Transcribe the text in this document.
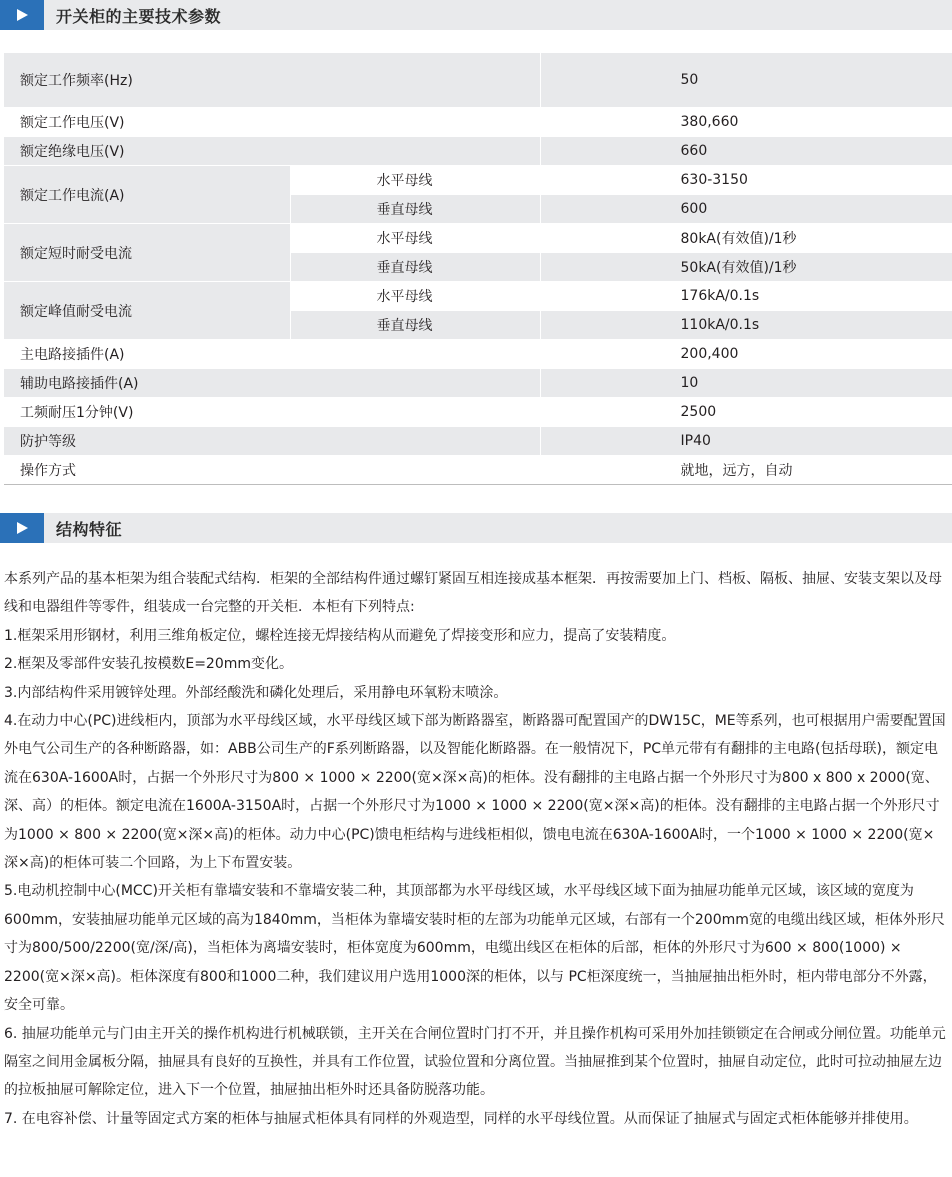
开关柜的主要技术参数
额定工作频率(Hz)		50
额定工作电压(V)		380,660
额定绝缘电压(V)		660
额定工作电流(A)	水平母线	630-3150
	垂直母线	600
额定短时耐受电流	水平母线	80kA(有效值)/1秒
	垂直母线	50kA(有效值)/1秒
额定峰值耐受电流	水平母线	176kA/0.1s
	垂直母线	110kA/0.1s
主电路接插件(A)		200,400
辅助电路接插件(A)		10
工频耐压1分钟(V)		2500
防护等级		IP40
操作方式		就地，远方，自动
结构特征

本系列产品的基本柜架为组合装配式结构．柜架的全部结构件通过螺钉紧固互相连接成基本框架．再按需要加上门、档板、隔板、抽屉、安装支架以及母线和电器组件等零件，组装成一台完整的开关柜．本柜有下列特点:

1.框架采用形钢材，利用三维角板定位，螺栓连接无焊接结构从而避免了焊接变形和应力，提高了安装精度。

2.框架及零部件安装孔按模数E=20mm变化。

3.内部结构件采用镀锌处理。外部经酸洗和磷化处理后，采用静电环氧粉末喷涂。

4.在动力中心(PC)进线柜内，顶部为水平母线区域，水平母线区域下部为断路器室，断路器可配置国产的DW15C，ME等系列，也可根据用户需要配置国外电气公司生产的各种断路器，如：ABB公司生产的F系列断路器，以及智能化断路器。在一般情况下，PC单元带有有翻排的主电路(包括母联)，额定电流在630A-1600A时，占据一个外形尺寸为800 × 1000 × 2200(宽×深×高)的柜体。没有翻排的主电路占据一个外形尺寸为800 x 800 x 2000(宽、深、高）的柜体。额定电流在1600A-3150A时，占据一个外形尺寸为1000 × 1000 × 2200(宽×深×高)的柜体。没有翻排的主电路占据一个外形尺寸为1000 × 800 × 2200(宽×深×高)的柜体。动力中心(PC)馈电柜结构与进线柜相似，馈电电流在630A-1600A时，一个1000 × 1000 × 2200(宽×深×高)的柜体可装二个回路，为上下布置安装。

5.电动机控制中心(MCC)开关柜有靠墙安装和不靠墙安装二种，其顶部都为水平母线区域，水平母线区域下面为抽屉功能单元区域，该区域的宽度为600mm，安装抽屉功能单元区域的高为1840mm，当柜体为靠墙安装时柜的左部为功能单元区域，右部有一个200mm宽的电缆出线区域，柜体外形尺寸为800/500/2200(宽/深/高)，当柜体为离墙安装时，柜体宽度为600mm，电缆出线区在柜体的后部，柜体的外形尺寸为600 × 800(1000) × 2200(宽×深×高)。柜体深度有800和1000二种，我们建议用户选用1000深的柜体，以与 PC柜深度统一，当抽屉抽出柜外时，柜内带电部分不外露，安全可靠。

6. 抽屉功能单元与门由主开关的操作机构进行机械联锁，主开关在合闸位置时门打不开，并且操作机构可采用外加挂锁锁定在合闸或分闸位置。功能单元隔室之间用金属板分隔，抽屉具有良好的互换性，并具有工作位置，试验位置和分离位置。当抽屉推到某个位置时，抽屉自动定位，此时可拉动抽屉左边的拉板抽屉可解除定位，进入下一个位置，抽屉抽出柜外时还具备防脱落功能。

7. 在电容补偿、计量等固定式方案的柜体与抽屉式柜体具有同样的外观造型，同样的水平母线位置。从而保证了抽屉式与固定式柜体能够并排使用。
